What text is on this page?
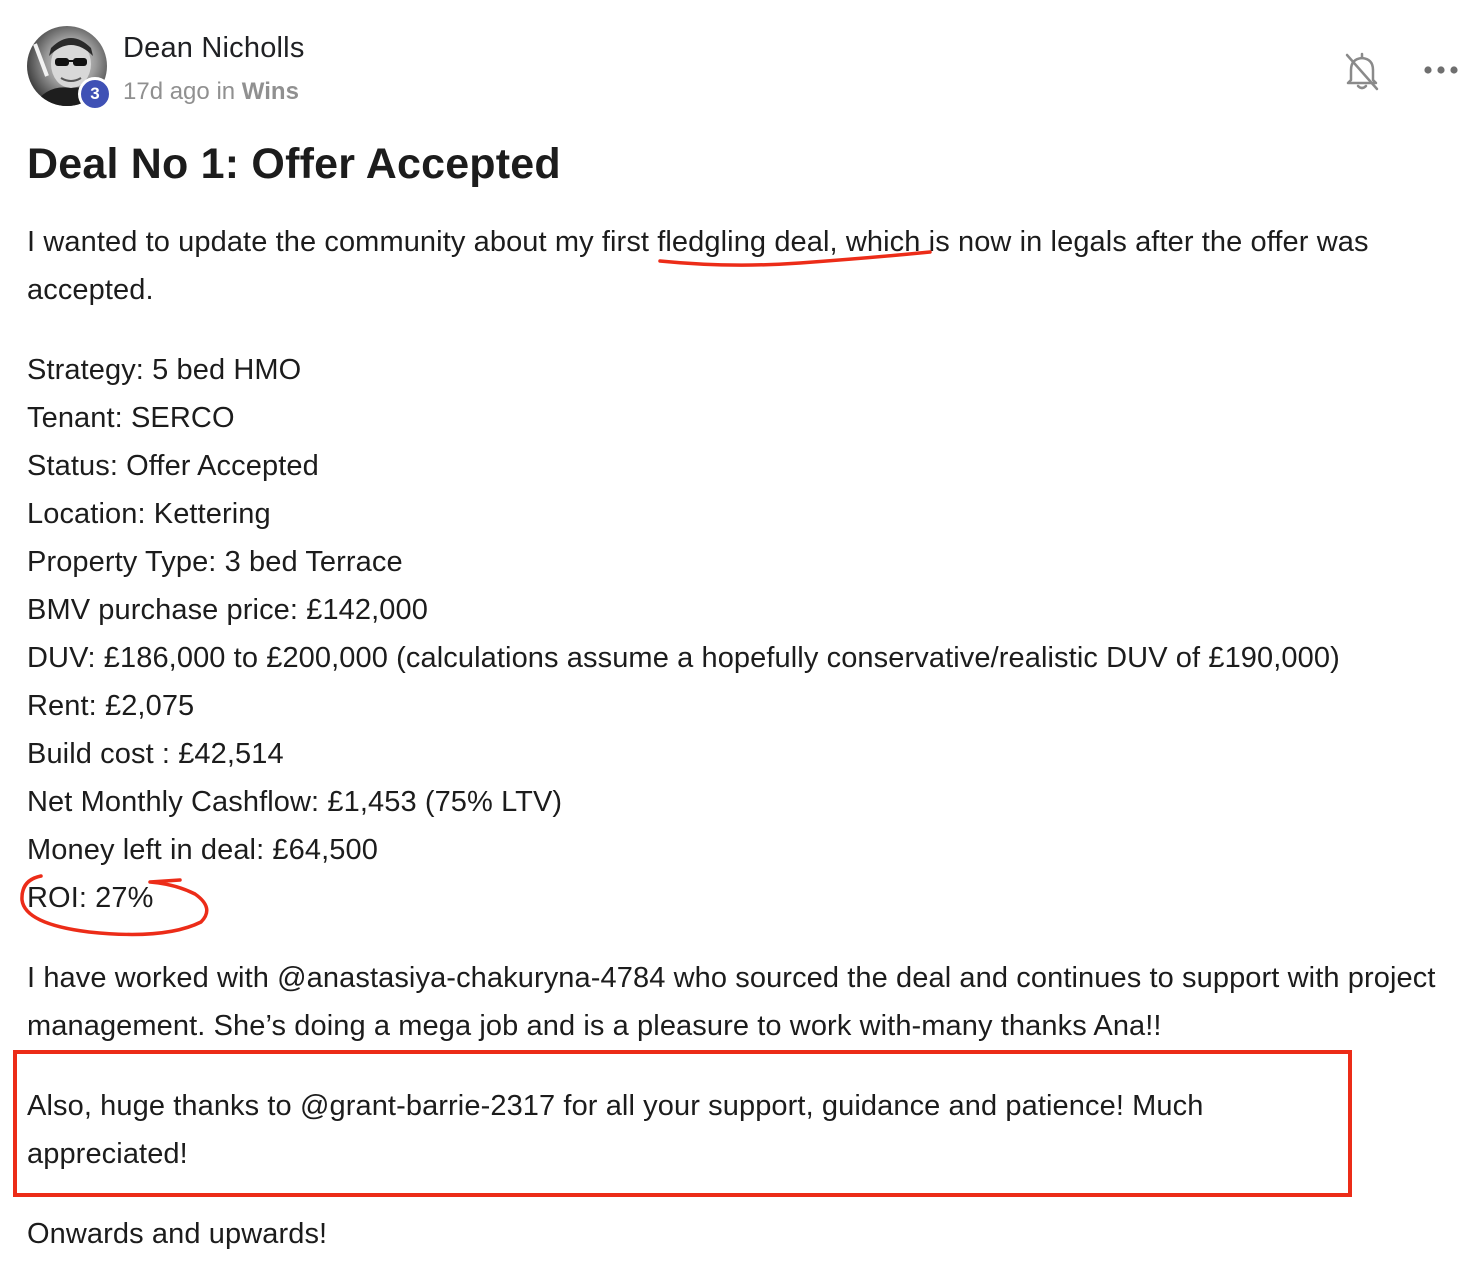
3
Dean Nicholls
17d ago in Wins
Deal No 1: Offer Accepted

I wanted to update the community about my first fledgling deal, which is now in legals after the offer was accepted.

Strategy: 5 bed HMO
Tenant: SERCO
Status: Offer Accepted
Location: Kettering
Property Type: 3 bed Terrace
BMV purchase price: £142,000
DUV: £186,000 to £200,000 (calculations assume a hopefully conservative/realistic DUV of £190,000)
Rent: £2,075
Build cost : £42,514
Net Monthly Cashflow: £1,453 (75% LTV)
Money left in deal: £64,500
ROI: 27%

I have worked with @anastasiya-chakuryna-4784 who sourced the deal and continues to support with project management. She’s doing a mega job and is a pleasure to work with-many thanks Ana!!

Also, huge thanks to @grant-barrie-2317 for all your support, guidance and patience! Much appreciated!

Onwards and upwards!
